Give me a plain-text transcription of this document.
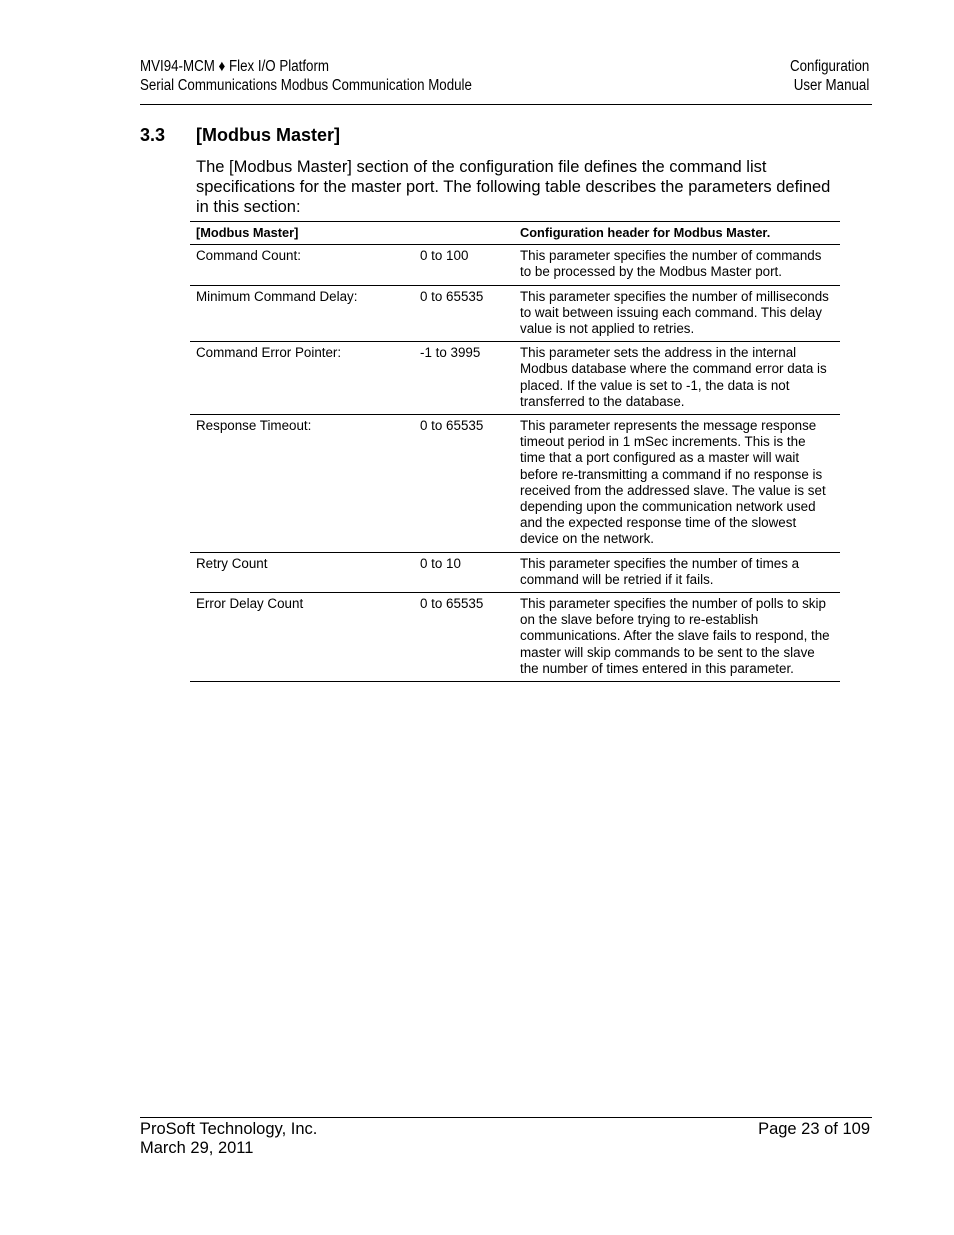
MVI94-MCM ♦ Flex I/O Platform
Serial Communications Modbus Communication Module
Configuration
User Manual
3.3 [Modbus Master]
The [Modbus Master] section of the configuration file defines the command list specifications for the master port. The following table describes the parameters defined in this section:
[Modbus Master]		Configuration header for Modbus Master.
Command Count:	0 to 100	This parameter specifies the number of commands to be processed by the Modbus Master port.
Minimum Command Delay:	0 to 65535	This parameter specifies the number of milliseconds to wait between issuing each command. This delay value is not applied to retries.
Command Error Pointer:	-1 to 3995	This parameter sets the address in the internal Modbus database where the command error data is placed. If the value is set to -1, the data is not transferred to the database.
Response Timeout:	0 to 65535	This parameter represents the message response timeout period in 1 mSec increments. This is the time that a port configured as a master will wait before re-transmitting a command if no response is received from the addressed slave. The value is set depending upon the communication network used and the expected response time of the slowest device on the network.
Retry Count	0 to 10	This parameter specifies the number of times a command will be retried if it fails.
Error Delay Count	0 to 65535	This parameter specifies the number of polls to skip on the slave before trying to re-establish communications. After the slave fails to respond, the master will skip commands to be sent to the slave the number of times entered in this parameter.
ProSoft Technology, Inc.
March 29, 2011
Page 23 of 109
